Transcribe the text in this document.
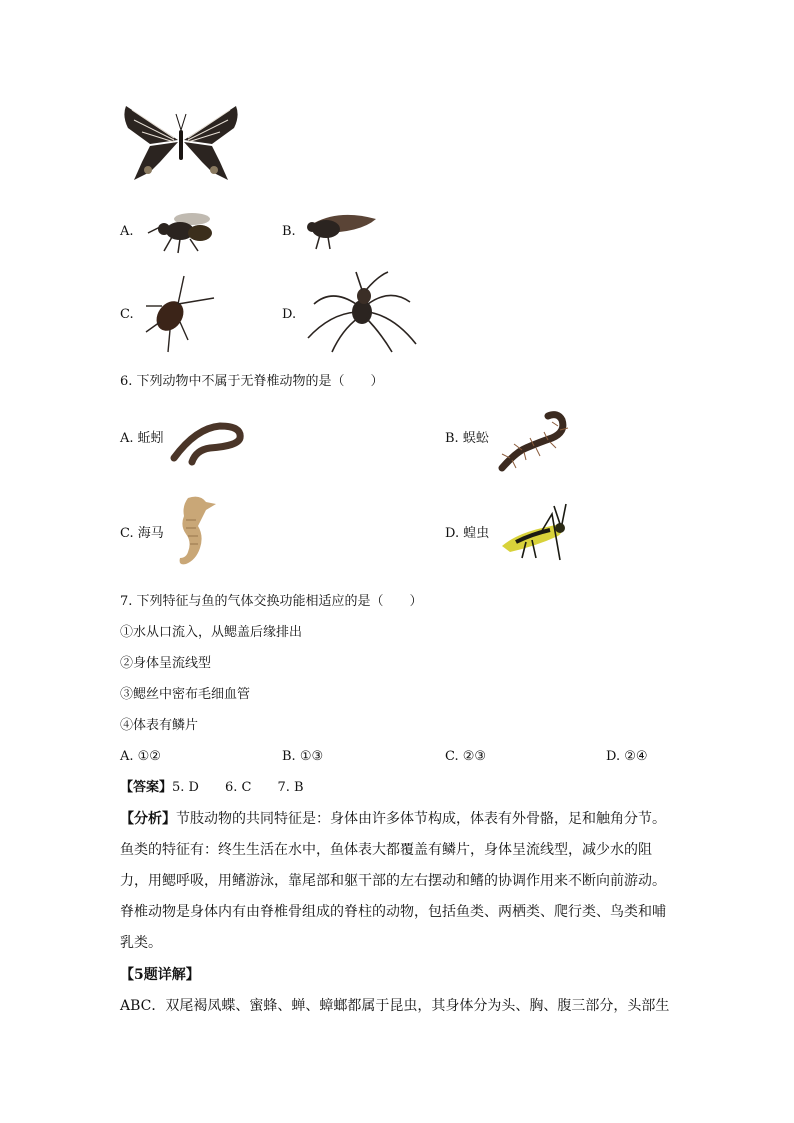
A.	B.
C.	D.
6. 下列动物中不属于无脊椎动物的是（　　）
A. 蚯蚓	B. 蜈蚣
C. 海马	D. 蝗虫
7. 下列特征与鱼的气体交换功能相适应的是（　　）
①水从口流入，从鳃盖后缘排出
②身体呈流线型
③鳃丝中密布毛细血管
④体表有鳞片
A. ①②	B. ①③	C. ②③	D. ②④
【答案】5. D　　6. C　　7. B
【分析】节肢动物的共同特征是：身体由许多体节构成，体表有外骨骼，足和触角分节。鱼类的特征有：终生生活在水中，鱼体表大都覆盖有鳞片，身体呈流线型，减少水的阻力，用鳃呼吸，用鳍游泳，靠尾部和躯干部的左右摆动和鳍的协调作用来不断向前游动。脊椎动物是身体内有由脊椎骨组成的脊柱的动物，包括鱼类、两栖类、爬行类、鸟类和哺乳类。
【5题详解】
ABC．双尾褐凤蝶、蜜蜂、蝉、蟑螂都属于昆虫，其身体分为头、胸、腹三部分，头部生
